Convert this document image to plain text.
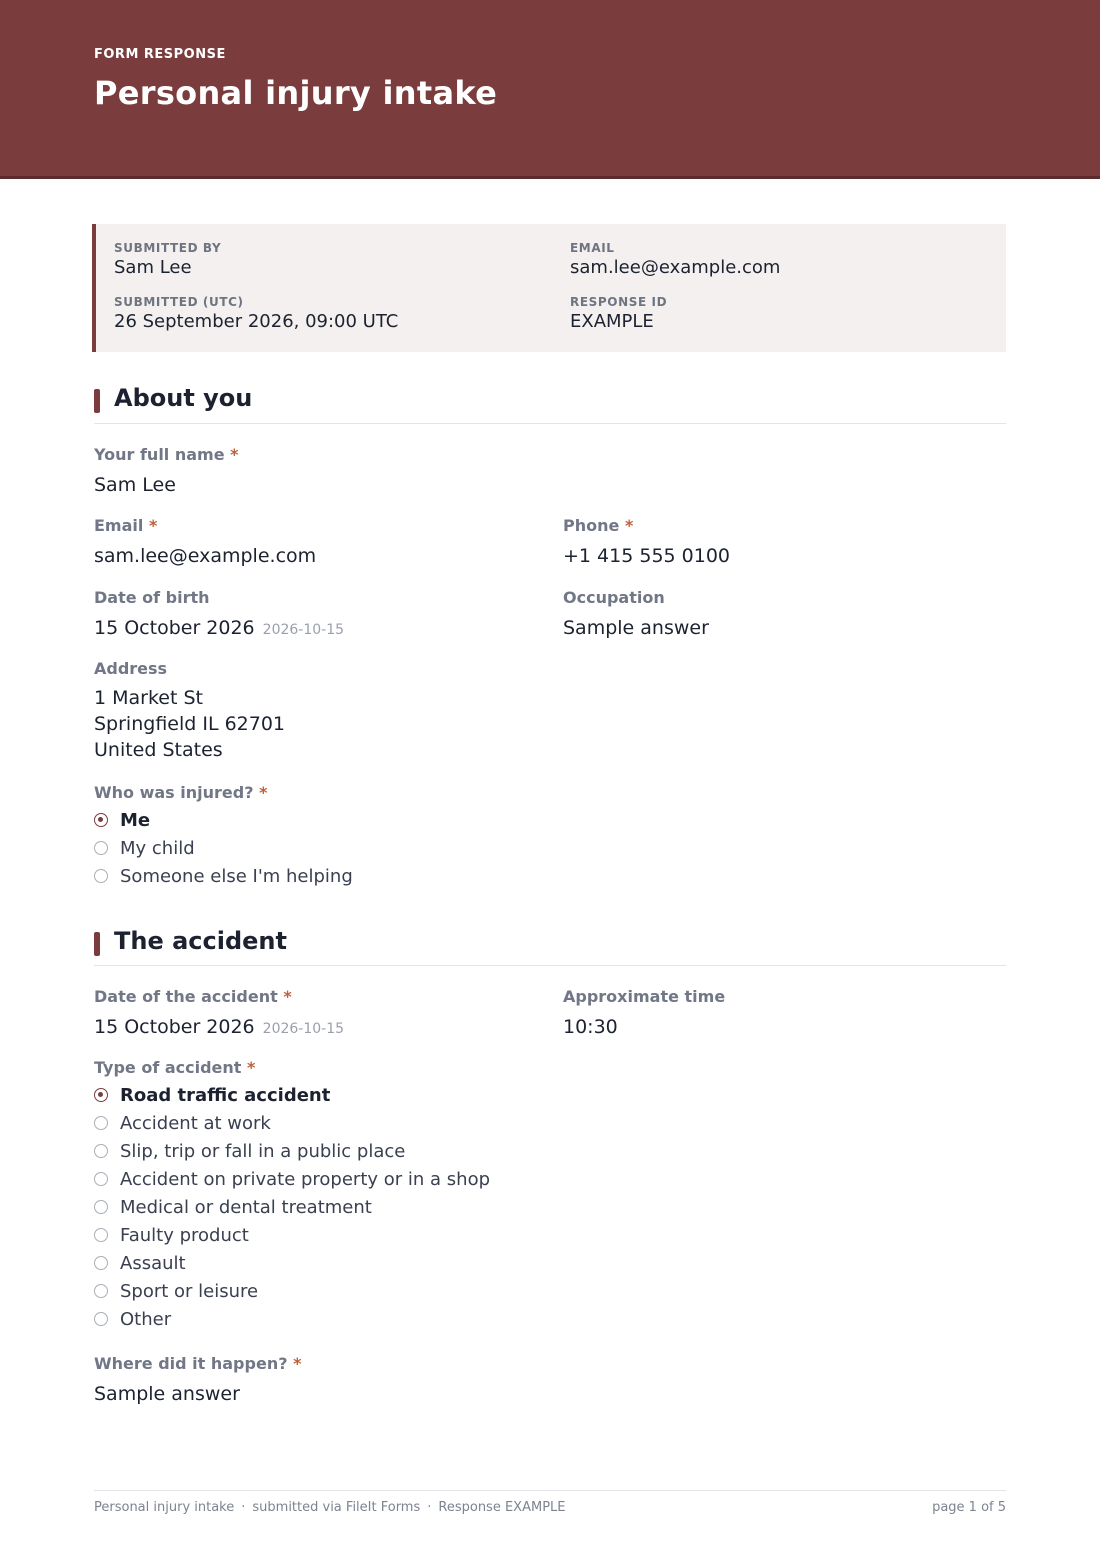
FORM RESPONSE
Personal injury intake
SUBMITTED BY
Sam Lee
EMAIL
sam.lee@example.com
SUBMITTED (UTC)
26 September 2026, 09:00 UTC
RESPONSE ID
EXAMPLE
About you
Your full name *
Sam Lee
Email *
sam.lee@example.com
Phone *
+1 415 555 0100
Date of birth
15 October 2026 2026-10-15
Occupation
Sample answer
Address
1 Market St
Springfield IL 62701
United States
Who was injured? *
Me
My child
Someone else I'm helping
The accident
Date of the accident *
15 October 2026 2026-10-15
Approximate time
10:30
Type of accident *
Road traffic accident
Accident at work
Slip, trip or fall in a public place
Accident on private property or in a shop
Medical or dental treatment
Faulty product
Assault
Sport or leisure
Other
Where did it happen? *
Sample answer
Personal injury intake · submitted via FileIt Forms · Response EXAMPLE	page 1 of 5
